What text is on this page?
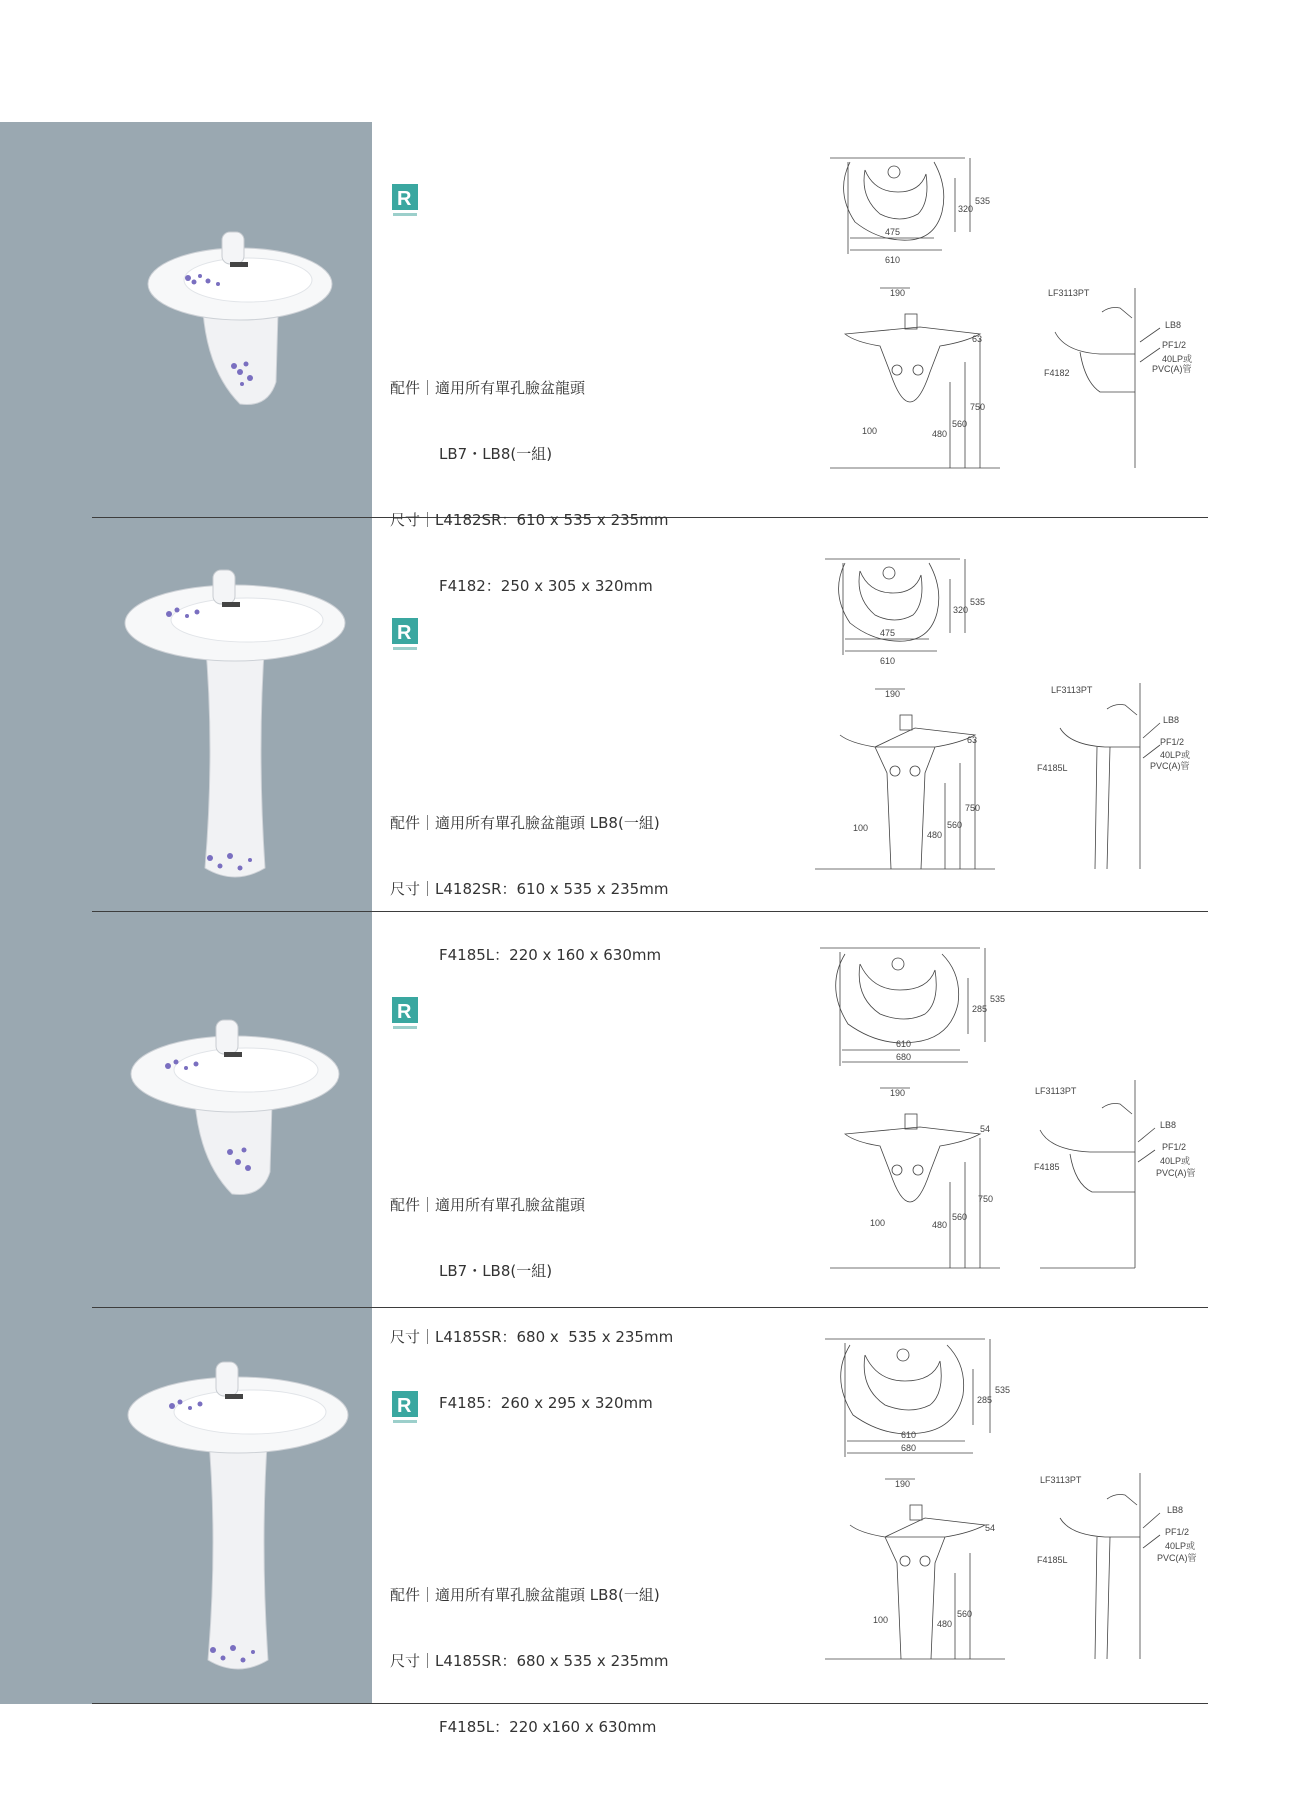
R

配件｜適用所有單孔臉盆龍頭

LB7・LB8(一組)

尺寸｜L4182SR：610 x 535 x 235mm

F4182：250 x 305 x 320mm

320
535
475
610
190
63
750
100	480
560
LF3113PT
LB8
PF1/2
40LP或
PVC(A)管
F4182
R

配件｜適用所有單孔臉盆龍頭 LB8(一組)

尺寸｜L4182SR：610 x 535 x 235mm

F4185L：220 x 160 x 630mm

320
535
475
610
190
63
750
100
480
560
LF3113PT
LB8
PF1/2
40LP或
PVC(A)管
F4185L
R

配件｜適用所有單孔臉盆龍頭

LB7・LB8(一組)

尺寸｜L4185SR：680 x  535 x 235mm

F4185：260 x 295 x 320mm

285
535
610
680
190
54
750
100	480
560
LF3113PT
LB8
PF1/2
40LP或
PVC(A)管
F4185
R

配件｜適用所有單孔臉盆龍頭 LB8(一組)

尺寸｜L4185SR：680 x 535 x 235mm

F4185L：220 x160 x 630mm

285
535
610
680
190
54
100	480
560
LF3113PT
LB8
PF1/2
40LP或
PVC(A)管
F4185L
